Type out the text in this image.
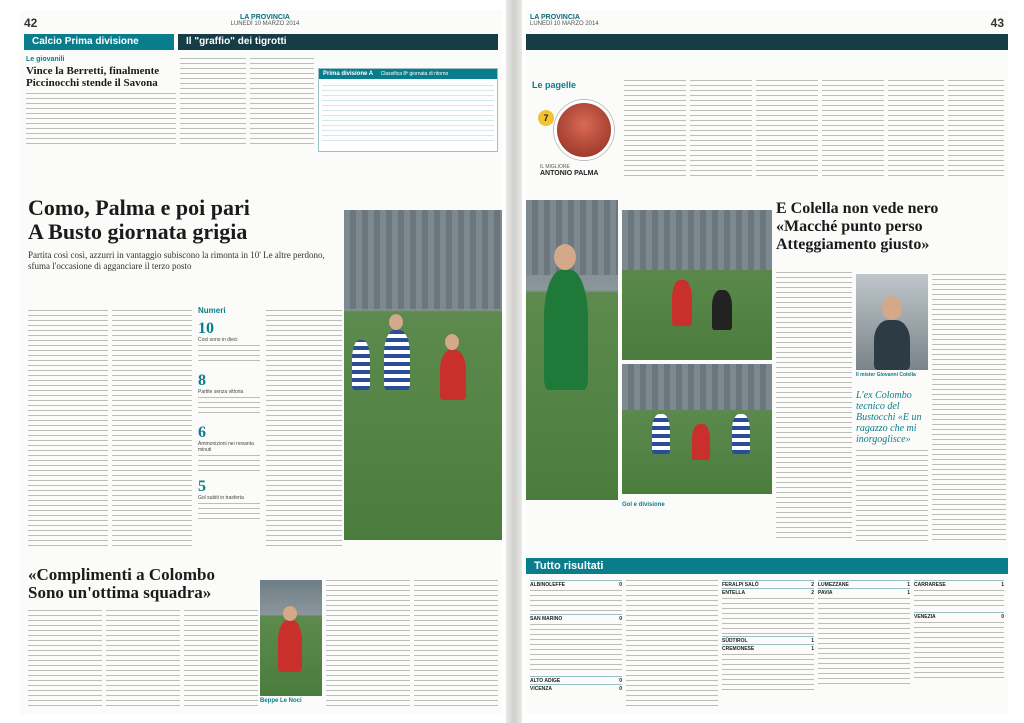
42	LA PROVINCIA
LUNEDÌ 10 MARZO 2014
Calcio Prima divisione	Il "graffio" dei tigrotti
Le giovanili
Vince la Berretti, finalmente Piccinocchi stende il Savona
Prima divisione A Classifica 8ª giornata di ritorno
Como, Palma e poi pari
A Busto giornata grigia
Partita così così, azzurri in vantaggio subiscono la rimonta in 10' Le altre perdono, sfuma l'occasione di agganciare il terzo posto
Numeri
10
Così sono in dieci
8
Partite senza vittoria
6
Ammonizioni nei novanta minuti
5
Gol subiti in trasferta
«Complimenti a Colombo
Sono un'ottima squadra»
Beppe Le Noci
IL MUSEO DELLE MERAVIGLIE
43
LA PROVINCIA
LUNEDÌ 10 MARZO 2014
Le pagelle
7
IL MIGLIORE
ANTONIO PALMA
Gol e divisione
E Colella non vede nero
«Macché punto perso
Atteggiamento giusto»
Il mister Giovanni Colella
L'ex Colombo tecnico del Bustocchi «E un ragazzo che mi inorgoglisce»
Tutto risultati
ALBINOLEFFE	0
SAN MARINO	0
ALTO ADIGE	0
VICENZA	0
FERALPI SALÒ	2
ENTELLA	2
SÜDTIROL	1
CREMONESE	1
LUMEZZANE	1
PAVIA	1
CARRARESE	1
VENEZIA	0
